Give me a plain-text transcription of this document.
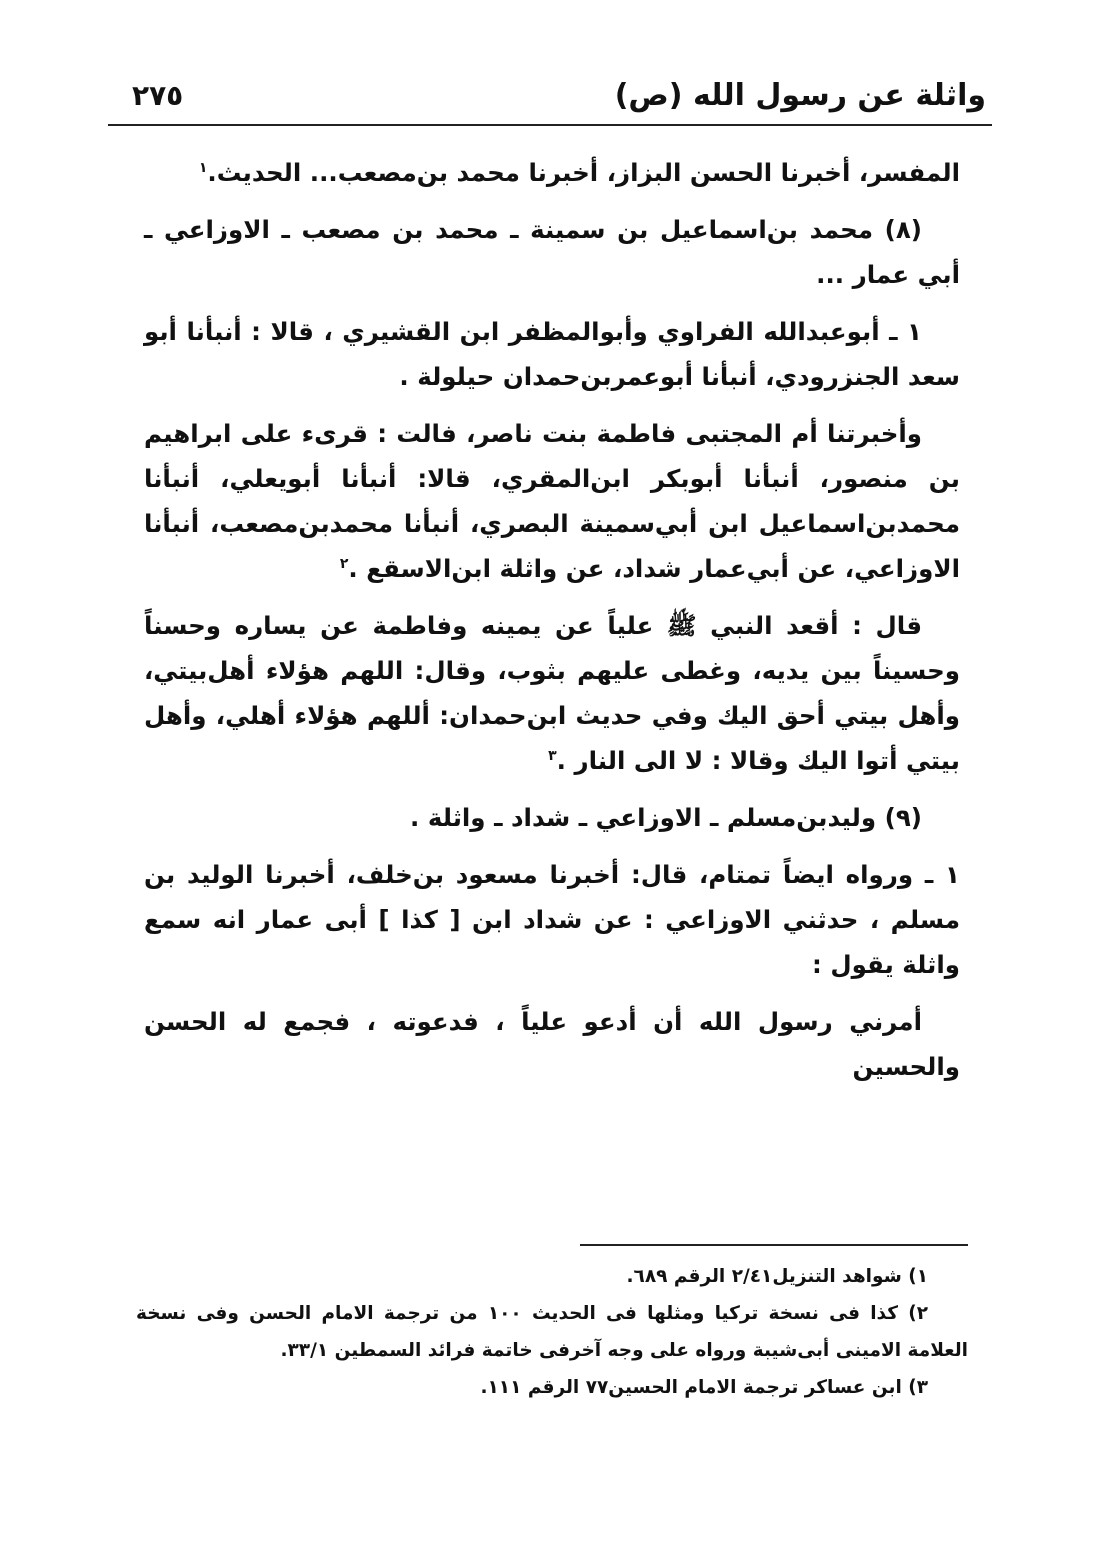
واثلة عن رسول الله (ص)
٢٧٥

المفسر، أخبرنا الحسن البزاز، أخبرنا محمد بن‌مصعب... الحديث.$^١$

(٨) محمد بن‌اسماعيل بن سمينة ـ محمد بن مصعب ـ الاوزاعي ـ أبي عمار ...

١ ـ أبوعبدالله الفراوي وأبوالمظفر ابن القشيري ، قالا : أنبأنا أبو سعد الجنزرودي، أنبأنا أبوعمربن‌حمدان حيلولة .

وأخبرتنا أم المجتبى فاطمة بنت ناصر، فالت : قرىء على ابراهيم بن منصور، أنبأنا أبوبكر ابن‌المقري، قالا: أنبأنا أبويعلي، أنبأنا محمدبن‌اسماعيل ابن أبي‌سمينة البصري، أنبأنا محمدبن‌مصعب، أنبأنا الاوزاعي، عن أبي‌عمار شداد، عن واثلة ابن‌الاسقع .$^٢$

قال : أقعد النبي ﷺ علياً عن يمينه وفاطمة عن يساره وحسناً وحسيناً بين يديه، وغطى عليهم بثوب، وقال: اللهم هؤلاء أهل‌بيتي، وأهل بيتي أحق اليك وفي حديث ابن‌حمدان: أللهم هؤلاء أهلي، وأهل بيتي أتوا اليك وقالا : لا الى النار .$^٣$

(٩) وليدبن‌مسلم ـ الاوزاعي ـ شداد ـ واثلة .

١ ـ ورواه ايضاً تمتام، قال: أخبرنا مسعود بن‌خلف، أخبرنا الوليد بن مسلم ، حدثني الاوزاعي : عن شداد ابن [ كذا ] أبى عمار انه سمع واثلة يقول :

أمرني رسول الله أن أدعو علياً ، فدعوته ، فجمع له الحسن والحسين

١) شواهد التنزيل٢/٤١ الرقم ٦٨٩.

٢) كذا فى نسخة تركيا ومثلها فى الحديث ١٠٠ من ترجمة الامام الحسن وفى نسخة العلامة الامينى أبى‌شيبة ورواه على وجه آخرفى خاتمة فرائد السمطين ٣٣/١.

٣) ابن عساكر ترجمة الامام الحسين٧٧ الرقم ١١١.
